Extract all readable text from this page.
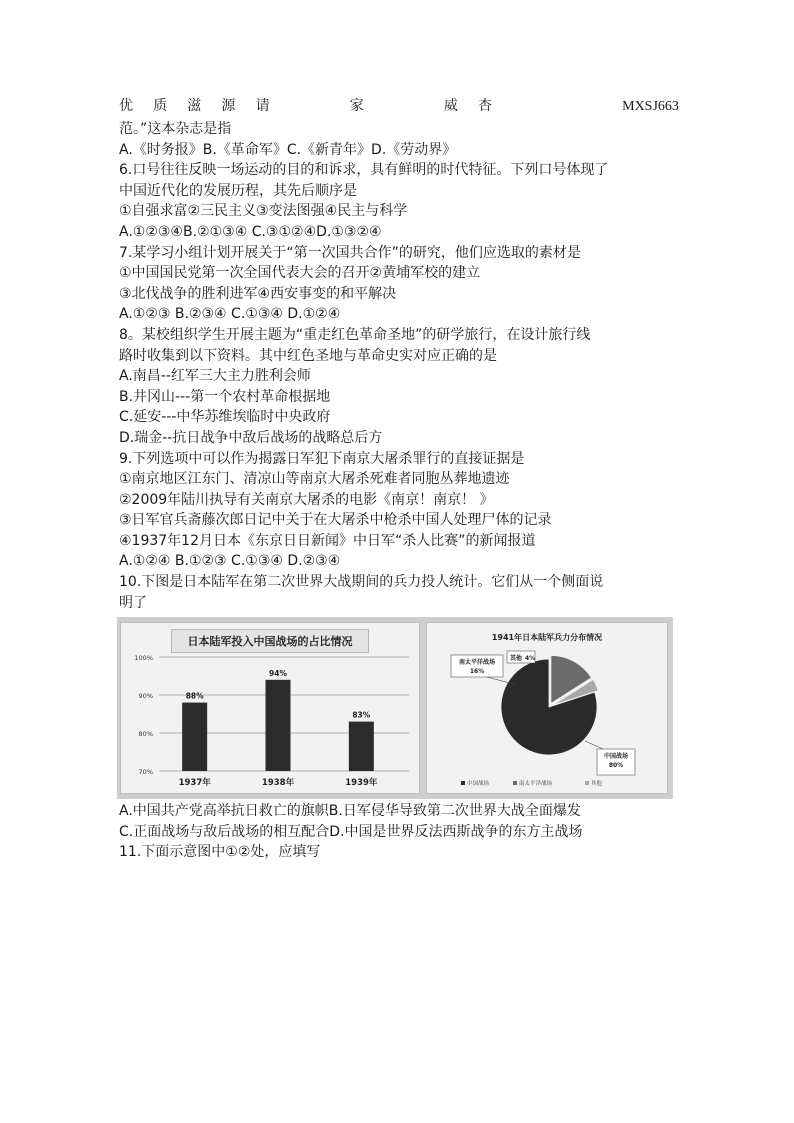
优 质 滋 源 请	家	威 杏	MXSJ663
范。”这本杂志是指
A.《时务报》B.《革命军》C.《新青年》D.《劳动界》
6.口号往往反映一场运动的目的和诉求，具有鲜明的时代特征。下列口号体现了
中国近代化的发展历程，其先后顺序是
①自强求富②三民主义③变法图强④民主与科学
A.①②③④B.②①③④ C.③①②④D.①③②④
7.某学习小组计划开展关于“第一次国共合作”的研究，他们应选取的素材是
①中国国民党第一次全国代表大会的召开②黄埔军校的建立
③北伐战争的胜利进军④西安事变的和平解决
A.①②③ B.②③④ C.①③④ D.①②④
8。某校组织学生开展主题为“重走红色革命圣地”的研学旅行，在设计旅行线
路时收集到以下资料。其中红色圣地与革命史实对应正确的是
A.南昌--红军三大主力胜利会师
B.井冈山---第一个农村革命根据地
C.延安---中华苏维埃临时中央政府
D.瑞金--抗日战争中敌后战场的战略总后方
9.下列选项中可以作为揭露日军犯下南京大屠杀罪行的直接证据是
①南京地区江东门、清凉山等南京大屠杀死难者同胞丛葬地遗迹
②2009年陆川执导有关南京大屠杀的电影《南京！南京！ 》
③日军官兵斋藤次郎日记中关于在大屠杀中枪杀中国人处理尸体的记录
④1937年12月日本《东京日日新闻》中日军“杀人比赛”的新闻报道
A.①②④ B.①②③ C.①③④ D.②③④
10.下图是日本陆军在第二次世界大战期间的兵力投人统计。它们从一个侧面说
明了
日本陆军投入中国战场的占比情况
100%
90%
80%
70%
88%
1937年
94%
1938年
83%
1939年
1941年日本陆军兵力分布情况
中国战场
80%
南太平洋战场
16%
其他 4%
中国战场	南太平洋战场	其他
A.中国共产党高举抗日救亡的旗帜B.日军侵华导致第二次世界大战全面爆发
C.正面战场与敌后战场的相互配合D.中国是世界反法西斯战争的东方主战场
11.下面示意图中①②处，应填写
